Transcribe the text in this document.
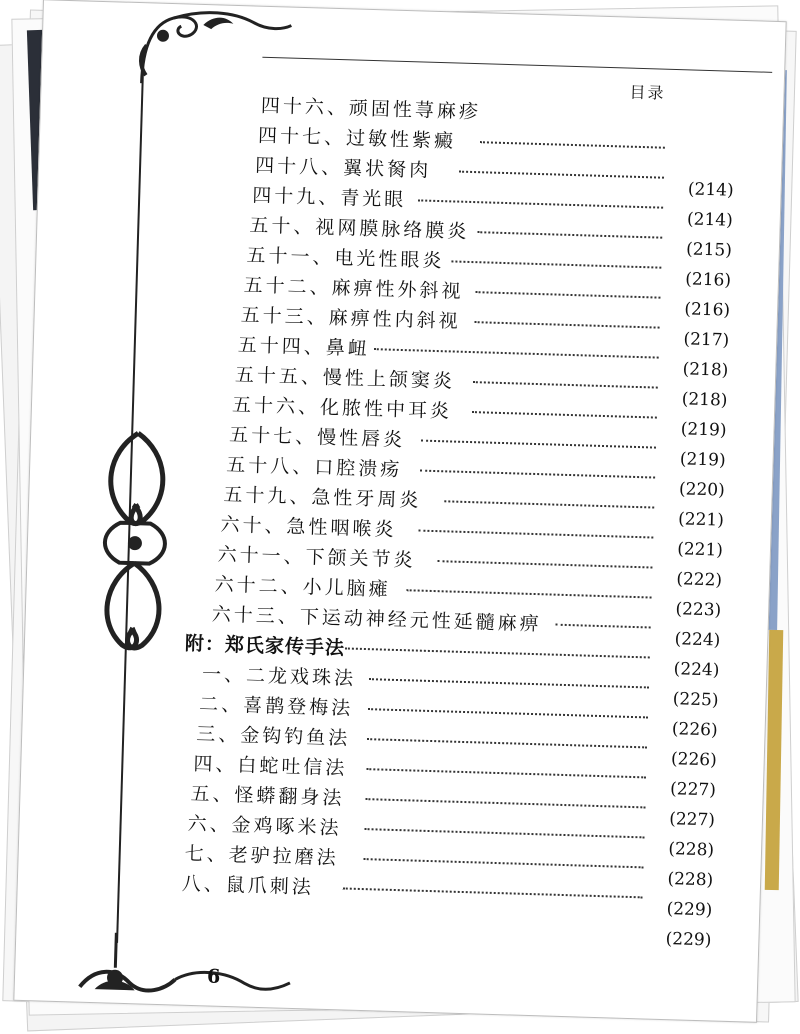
目录
四十六、顽固性荨麻疹
四十七、过敏性紫癜
四十八、翼状胬肉
(214)
四十九、青光眼
(214)
五十、视网膜脉络膜炎
(215)
五十一、电光性眼炎
(216)
五十二、麻痹性外斜视
(216)
五十三、麻痹性内斜视
(217)
五十四、鼻衄
(218)
五十五、慢性上颌窦炎
(218)
五十六、化脓性中耳炎
(219)
五十七、慢性唇炎
(219)
五十八、口腔溃疡
(220)
五十九、急性牙周炎
(221)
六十、急性咽喉炎
(221)
六十一、下颌关节炎
(222)
六十二、小儿脑瘫
(223)
六十三、下运动神经元性延髓麻痹
(224)
附：郑氏家传手法
(224)
一、二龙戏珠法
(225)
二、喜鹊登梅法
(226)
三、金钩钓鱼法
(226)
四、白蛇吐信法
(227)
五、怪蟒翻身法
(227)
六、金鸡啄米法
(228)
七、老驴拉磨法
(228)
八、鼠爪刺法
(229)
(229)
6
